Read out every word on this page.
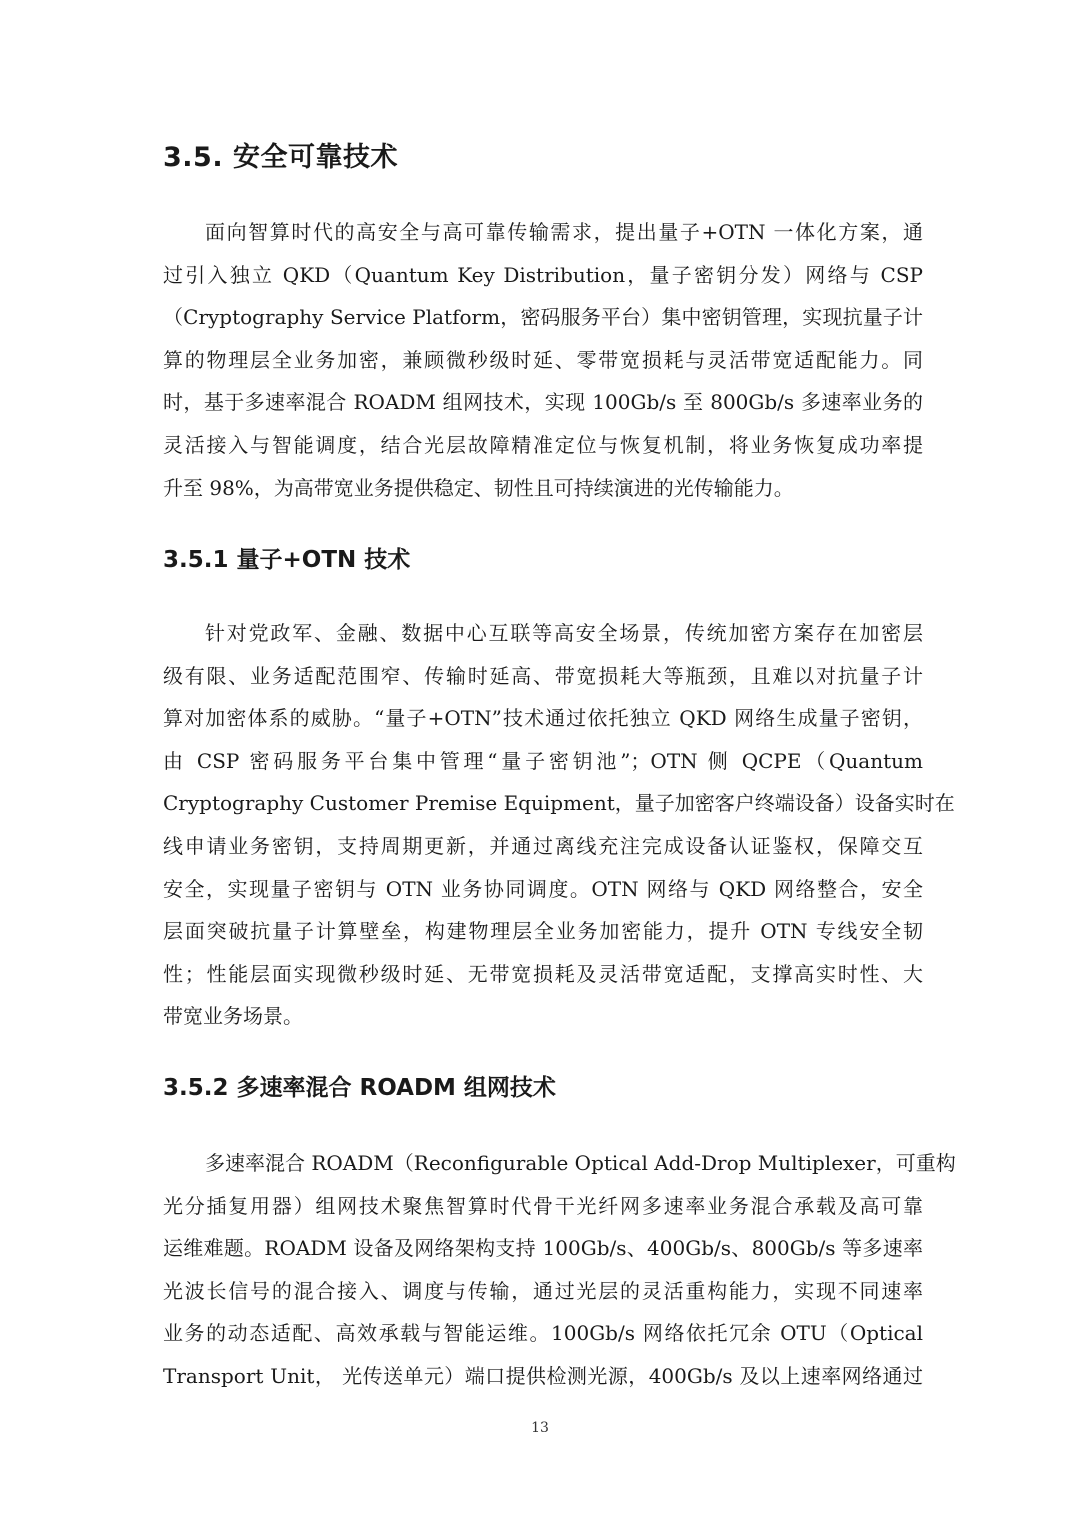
3.5. 安全可靠技术
面向智算时代的高安全与高可靠传输需求，提出量子+OTN 一体化方案，通
过引入独立 QKD（Quantum Key Distribution，量子密钥分发）网络与 CSP
（Cryptography Service Platform，密码服务平台）集中密钥管理，实现抗量子计
算的物理层全业务加密，兼顾微秒级时延、零带宽损耗与灵活带宽适配能力。同
时，基于多速率混合 ROADM 组网技术，实现 100Gb/s 至 800Gb/s 多速率业务的
灵活接入与智能调度，结合光层故障精准定位与恢复机制，将业务恢复成功率提
升至 98%，为高带宽业务提供稳定、韧性且可持续演进的光传输能力。
3.5.1 量子+OTN 技术
针对党政军、金融、数据中心互联等高安全场景，传统加密方案存在加密层
级有限、业务适配范围窄、传输时延高、带宽损耗大等瓶颈，且难以对抗量子计
算对加密体系的威胁。“量子+OTN”技术通过依托独立 QKD 网络生成量子密钥，
由 CSP 密码服务平台集中管理“量子密钥池”；OTN 侧 QCPE（Quantum
Cryptography Customer Premise Equipment，量子加密客户终端设备）设备实时在
线申请业务密钥，支持周期更新，并通过离线充注完成设备认证鉴权，保障交互
安全，实现量子密钥与 OTN 业务协同调度。OTN 网络与 QKD 网络整合，安全
层面突破抗量子计算壁垒，构建物理层全业务加密能力，提升 OTN 专线安全韧
性；性能层面实现微秒级时延、无带宽损耗及灵活带宽适配，支撑高实时性、大
带宽业务场景。
3.5.2 多速率混合 ROADM 组网技术
多速率混合 ROADM（Reconfigurable Optical Add-Drop Multiplexer，可重构
光分插复用器）组网技术聚焦智算时代骨干光纤网多速率业务混合承载及高可靠
运维难题。ROADM 设备及网络架构支持 100Gb/s、400Gb/s、800Gb/s 等多速率
光波长信号的混合接入、调度与传输，通过光层的灵活重构能力，实现不同速率
业务的动态适配、高效承载与智能运维。100Gb/s 网络依托冗余 OTU（Optical
Transport Unit， 光传送单元）端口提供检测光源，400Gb/s 及以上速率网络通过
13
